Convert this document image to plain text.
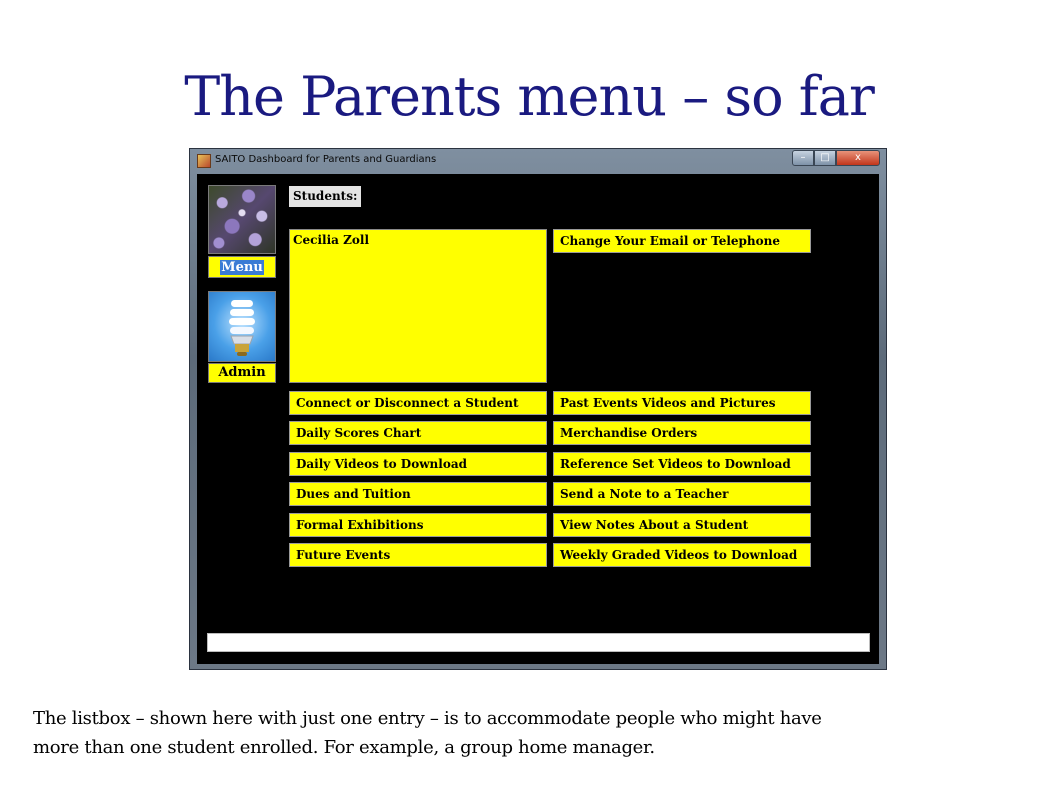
The Parents menu – so far
SAITO Dashboard for Parents and Guardians	–	□	x
Menu
Admin
Students:
Cecilia Zoll	Change Your Email or Telephone
Connect or Disconnect a Student
Daily Scores Chart
Daily Videos to Download
Dues and Tuition
Formal Exhibitions
Future Events
Past Events Videos and Pictures
Merchandise Orders
Reference Set Videos to Download
Send a Note to a Teacher
View Notes About a Student
Weekly Graded Videos to Download
The listbox – shown here with just one entry – is to accommodate people who might have
more than one student enrolled. For example, a group home manager.
